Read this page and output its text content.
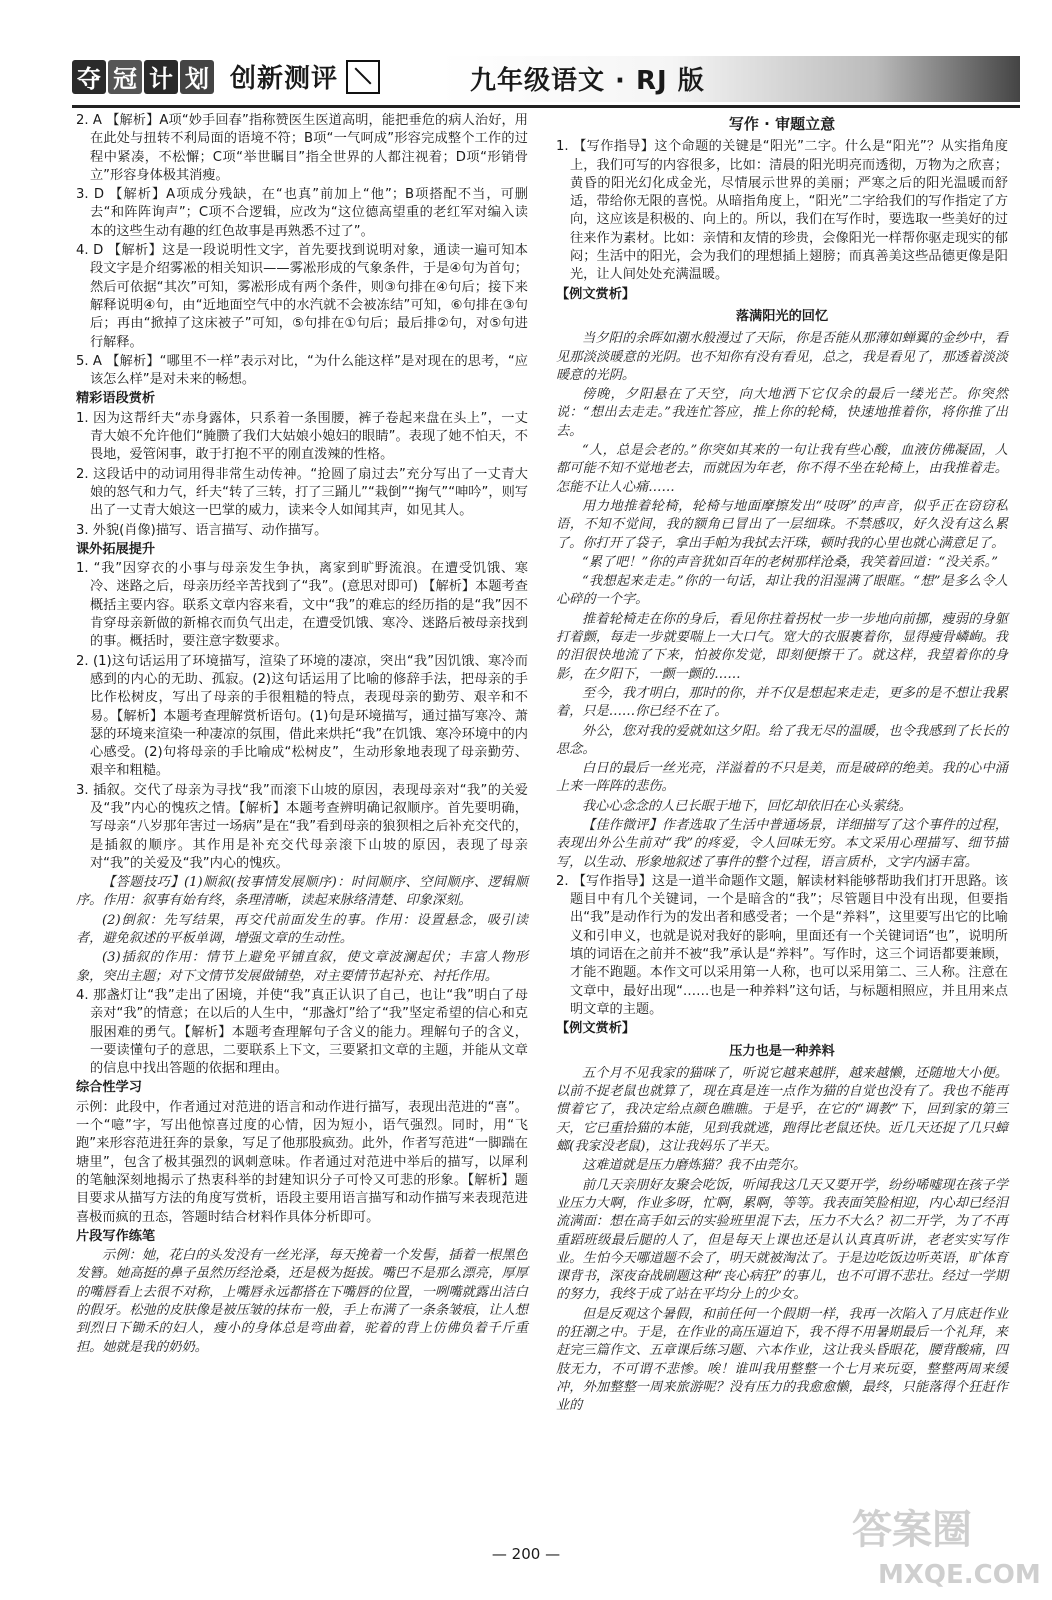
夺 冠 计 划 创新测评	九年级语文 · RJ 版

2. A 【解析】A项“妙手回春”指称赞医生医道高明，能把垂危的病人治好，用在此处与扭转不利局面的语境不符；B项“一气呵成”形容完成整个工作的过程中紧凑，不松懈；C项“举世瞩目”指全世界的人都注视着；D项“形销骨立”形容身体极其消瘦。

3. D 【解析】A项成分残缺，在“也真”前加上“他”；B项搭配不当，可删去“和阵阵询声”；C项不合逻辑，应改为“这位德高望重的老红军对编入读本的这些生动有趣的红色故事是再熟悉不过了”。

4. D 【解析】这是一段说明性文字，首先要找到说明对象，通读一遍可知本段文字是介绍雾凇的相关知识——雾凇形成的气象条件，于是④句为首句；然后可依据“其次”可知，雾凇形成有两个条件，则③句排在④句后；接下来解释说明④句，由“近地面空气中的水汽就不会被冻结”可知，⑥句排在③句后；再由“掀掉了这床被子”可知，⑤句排在①句后；最后排②句，对⑤句进行解释。

5. A 【解析】“哪里不一样”表示对比，“为什么能这样”是对现在的思考，“应该怎么样”是对未来的畅想。

精彩语段赏析

1. 因为这帮纤夫“赤身露体，只系着一条围腰，裤子卷起来盘在头上”，一丈青大娘不允许他们“腌臜了我们大姑娘小媳妇的眼睛”。表现了她不怕天，不畏地，爱管闲事，敢于打抱不平的刚直泼辣的性格。

2. 这段话中的动词用得非常生动传神。“抢圆了扇过去”充分写出了一丈青大娘的怒气和力气，纤夫“转了三转，打了三踊儿”“栽倒”“掬气”“呻吟”，则写出了一丈青大娘这一巴掌的威力，读来令人如闻其声，如见其人。

3. 外貌(肖像)描写、语言描写、动作描写。

课外拓展提升

1. “我”因穿衣的小事与母亲发生争执，离家到旷野流浪。在遭受饥饿、寒冷、迷路之后，母亲历经辛苦找到了“我”。(意思对即可) 【解析】本题考查概括主要内容。联系文章内容来看，文中“我”的难忘的经历指的是“我”因不肯穿母亲新做的新棉衣而负气出走，在遭受饥饿、寒冷、迷路后被母亲找到的事。概括时，要注意字数要求。

2. (1)这句话运用了环境描写，渲染了环境的凄凉，突出“我”因饥饿、寒冷而感到的内心的无助、孤寂。(2)这句话运用了比喻的修辞手法，把母亲的手比作松树皮，写出了母亲的手很粗糙的特点，表现母亲的勤劳、艰辛和不易。【解析】本题考查理解赏析语句。(1)句是环境描写，通过描写寒冷、萧瑟的环境来渲染一种凄凉的氛围，借此来烘托“我”在饥饿、寒冷环境中的内心感受。(2)句将母亲的手比喻成“松树皮”，生动形象地表现了母亲勤劳、艰辛和粗糙。

3. 插叙。交代了母亲为寻找“我”而滚下山坡的原因，表现母亲对“我”的关爱及“我”内心的愧疚之情。【解析】本题考查辨明确记叙顺序。首先要明确，写母亲“八岁那年害过一场病”是在“我”看到母亲的狼狈相之后补充交代的，是插叙的顺序。其作用是补充交代母亲滚下山坡的原因，表现了母亲对“我”的关爱及“我”内心的愧疚。

【答题技巧】(1)顺叙(按事情发展顺序)：时间顺序、空间顺序、逻辑顺序。作用：叙事有始有终，条理清晰，读起来脉络清楚、印象深刻。

(2)倒叙：先写结果，再交代前面发生的事。作用：设置悬念，吸引读者，避免叙述的平板单调，增强文章的生动性。

(3)插叙的作用：情节上避免平铺直叙，使文章波澜起伏；丰富人物形象，突出主题；对下文情节发展做铺垫，对主要情节起补充、衬托作用。

4. 那盏灯让“我”走出了困境，并使“我”真正认识了自己，也让“我”明白了母亲对“我”的情意；在以后的人生中，“那盏灯”给了“我”坚定希望的信心和克服困难的勇气。【解析】本题考查理解句子含义的能力。理解句子的含义，一要读懂句子的意思，二要联系上下文，三要紧扣文章的主题，并能从文章的信息中找出答题的依据和理由。

综合性学习

示例：此段中，作者通过对范进的语言和动作进行描写，表现出范进的“喜”。一个“噫”字，写出他惊喜过度的心情，因为短小，语气强烈。同时，用“飞跑”来形容范进狂奔的景象，写足了他那股疯劲。此外，作者写范进“一脚踹在塘里”，包含了极其强烈的讽刺意味。作者通过对范进中举后的描写，以犀利的笔触深刻地揭示了热衷科举的封建知识分子可怜又可悲的形象。【解析】题目要求从描写方法的角度写赏析，语段主要用语言描写和动作描写来表现范进喜极而疯的丑态，答题时结合材料作具体分析即可。

片段写作练笔

示例：她，花白的头发没有一丝光泽，每天挽着一个发髻，插着一根黑色发簪。她高挺的鼻子虽然历经沧桑，还是极为挺拔。嘴巴不是那么漂亮，厚厚的嘴唇看上去很不对称，上嘴唇永远都搭在下嘴唇的位置，一咧嘴就露出洁白的假牙。松弛的皮肤像是被压皱的抹布一般，手上布满了一条条皱痕，让人想到烈日下锄禾的妇人，瘦小的身体总是弯曲着，驼着的背上仿佛负着千斤重担。她就是我的奶奶。

写作 · 审题立意

1. 【写作指导】这个命题的关键是“阳光”二字。什么是“阳光”？从实指角度上，我们可写的内容很多，比如：清晨的阳光明亮而透彻，万物为之欣喜；黄昏的阳光幻化成金光，尽情展示世界的美丽；严寒之后的阳光温暖而舒适，带给你无限的喜悦。从暗指角度上，“阳光”二字给我们的写作指定了方向，这应该是积极的、向上的。所以，我们在写作时，要选取一些美好的过往来作为素材。比如：亲情和友情的珍贵，会像阳光一样帮你驱走现实的郁闷；生活中的阳光，会为我们的理想插上翅膀；而真善美这些品德更像是阳光，让人间处处充满温暖。

【例文赏析】
落满阳光的回忆

当夕阳的余晖如潮水般漫过了天际，你是否能从那薄如蝉翼的金纱中，看见那淡淡暖意的光阴。也不知你有没有看见，总之，我是看见了，那透着淡淡暖意的光阴。

傍晚，夕阳悬在了天空，向大地洒下它仅余的最后一缕光芒。你突然说：“想出去走走。”我连忙答应，推上你的轮椅，快速地推着你，将你推了出去。

“人，总是会老的。”你突如其来的一句让我有些心酸，血液仿佛凝固，人都可能不知不觉地老去，而就因为年老，你不得不坐在轮椅上，由我推着走。怎能不让人心痛……

用力地推着轮椅，轮椅与地面摩擦发出“吱呀”的声音，似乎正在窃窃私语，不知不觉间，我的额角已冒出了一层细珠。不禁感叹，好久没有这么累了。你打开了袋子，拿出手帕为我拭去汗珠，顿时我的心里也就心满意足了。

“累了吧！”你的声音犹如百年的老树那样沧桑，我笑着回道：“没关系。”

“我想起来走走。”你的一句话，却让我的泪湿满了眼眶。“想”是多么令人心碎的一个字。

推着轮椅走在你的身后，看见你拄着拐杖一步一步地向前挪，瘦弱的身躯打着颤，每走一步就要喘上一大口气。宽大的衣服裹着你，显得瘦骨嶙峋。我的泪很快地流了下来，怕被你发觉，即刻便擦干了。就这样，我望着你的身影，在夕阳下，一颤一颤的……

至今，我才明白，那时的你，并不仅是想起来走走，更多的是不想让我累着，只是……你已经不在了。

外公，您对我的爱就如这夕阳。给了我无尽的温暖，也令我感到了长长的思念。

白日的最后一丝光亮，洋溢着的不只是美，而是破碎的绝美。我的心中涌上来一阵阵的悲伤。

我心心念念的人已长眠于地下，回忆却依旧在心头萦绕。

【佳作微评】作者选取了生活中普通场景，详细描写了这个事件的过程，表现出外公生前对“我”的疼爱，令人回味无穷。本文采用心理描写、细节描写，以生动、形象地叙述了事件的整个过程，语言质朴，文字内涵丰富。

2. 【写作指导】这是一道半命题作文题，解读材料能够帮助我们打开思路。该题目中有几个关键词，一个是暗含的“我”；尽管题目中没有出现，但要指出“我”是动作行为的发出者和感受者；一个是“养料”，这里要写出它的比喻义和引申义，也就是说对我好的影响，里面还有一个关键词语“也”，说明所填的词语在之前并不被“我”承认是“养料”。写作时，这三个词语都要兼顾，才能不跑题。本作文可以采用第一人称，也可以采用第二、三人称。注意在文章中，最好出现“……也是一种养料”这句话，与标题相照应，并且用来点明文章的主题。

【例文赏析】
压力也是一种养料

五个月不见我家的猫咪了，听说它越来越胖，越来越懒，还随地大小便。以前不捉老鼠也就算了，现在真是连一点作为猫的自觉也没有了。我也不能再惯着它了，我决定给点颜色瞧瞧。于是乎，在它的“调教”下，回到家的第三天，它已重拾猫的本能，见到我就逃，跑得比老鼠还快。近几天还捉了几只蟑螂(我家没老鼠)，这让我妈乐了半天。

这难道就是压力磨炼猫？我不由莞尔。

前几天亲朋好友聚会吃饭，听闻我这几天又要开学，纷纷唏嘘现在孩子学业压力大啊，作业多呀，忙啊，累啊，等等。我表面笑脸相迎，内心却已经泪流满面：想在高手如云的实验班里混下去，压力不大么？初二开学，为了不再重蹈班级最后腿的人了，但是每天上课也还是认认真真听讲，老老实实写作业。生怕今天哪道题不会了，明天就被淘汰了。于是边吃饭边听英语，旷体育课背书，深夜奋战刷题这种“丧心病狂”的事儿，也不可谓不悲壮。经过一学期的努力，我终于成了站在平均分上的少女。

但是反观这个暑假，和前任何一个假期一样，我再一次陷入了月底赶作业的狂潮之中。于是，在作业的高压逼迫下，我不得不用暑期最后一个礼拜，来赶完三篇作文、五章课后练习题、六本作业，这让我头昏眼花，腰背酸痛，四肢无力，不可谓不悲惨。唉！谁叫我用整整一个七月来玩耍，整整两周来缓冲，外加整整一周来旅游呢？没有压力的我愈愈懒，最终，只能落得个狂赶作业的

答案圈
MXQE.COM
— 200 —
